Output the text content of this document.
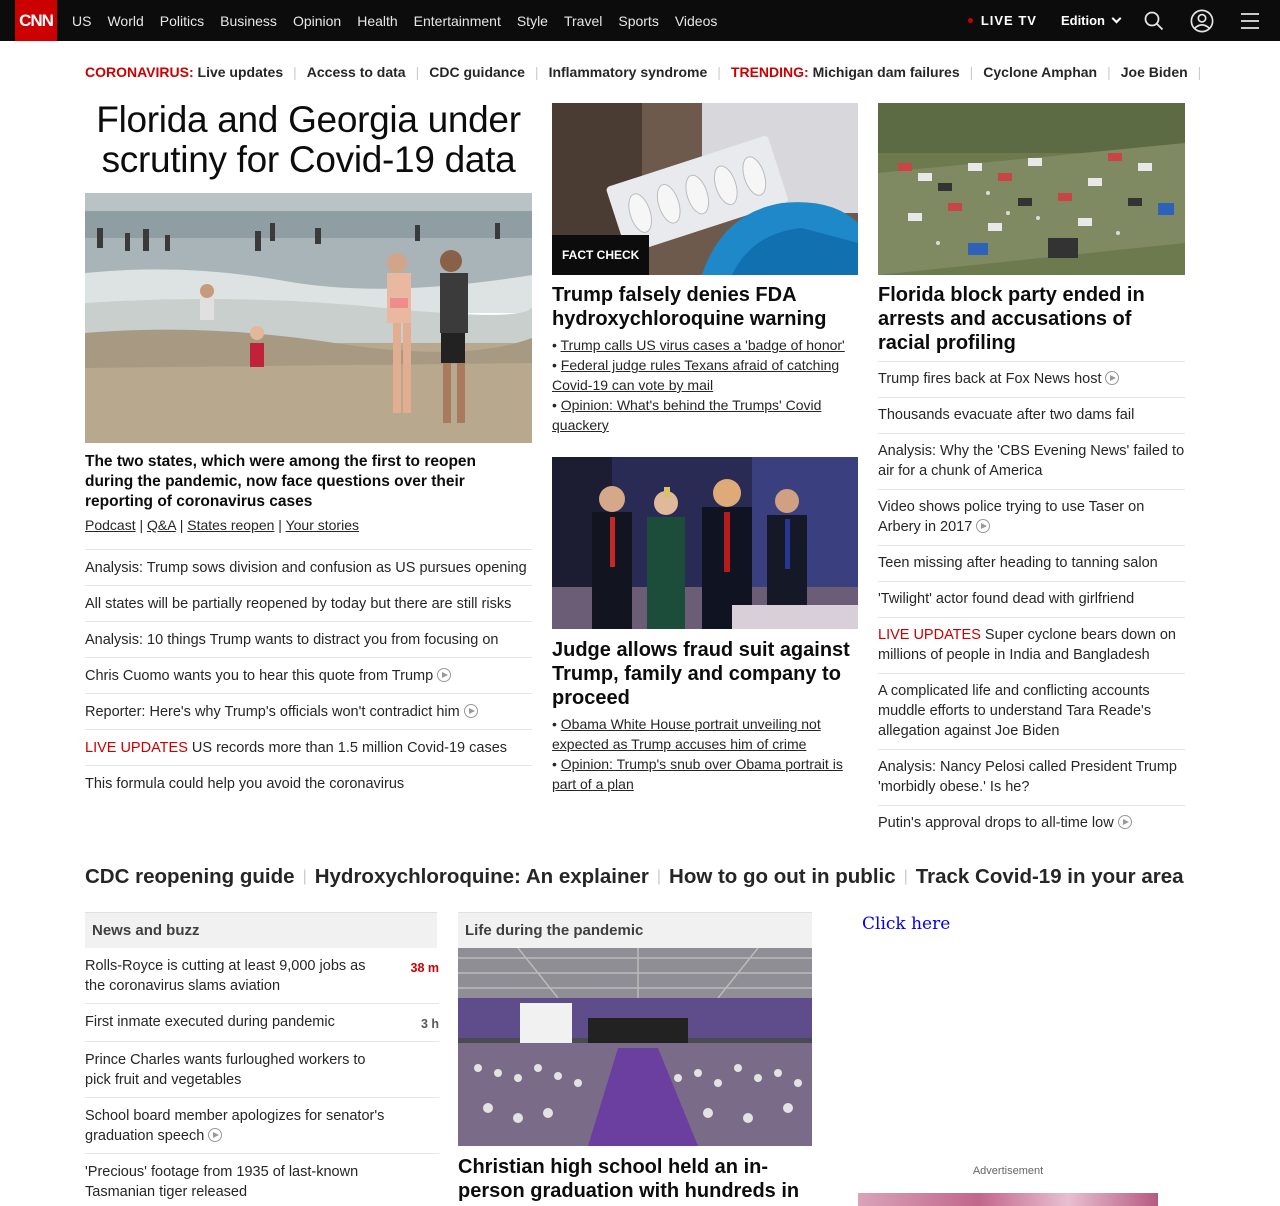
CNN US World Politics Business Opinion Health Entertainment Style Travel Sports Videos	LIVE TV Edition
CORONAVIRUS:
Live updates | Access to data | CDC guidance | Inflammatory syndrome | TRENDING:
Michigan dam failures | Cyclone Amphan | Joe Biden |
Florida and Georgia under scrutiny for Covid-19 data
The two states, which were among the first to reopen during the pandemic, now face questions over their reporting of coronavirus cases
Podcast | Q&A | States reopen | Your stories
Analysis: Trump sows division and confusion as US pursues opening
All states will be partially reopened by today but there are still risks
Analysis: 10 things Trump wants to distract you from focusing on
Chris Cuomo wants you to hear this quote from Trump
Reporter: Here's why Trump's officials won't contradict him
LIVE UPDATES US records more than 1.5 million Covid-19 cases
This formula could help you avoid the coronavirus
FACT CHECK
Trump falsely denies FDA hydroxychloroquine warning
• Trump calls US virus cases a 'badge of honor'
• Federal judge rules Texans afraid of catching Covid-19 can vote by mail
• Opinion: What's behind the Trumps' Covid quackery
Judge allows fraud suit against Trump, family and company to proceed
• Obama White House portrait unveiling not expected as Trump accuses him of crime
• Opinion: Trump's snub over Obama portrait is part of a plan
Florida block party ended in arrests and accusations of racial profiling
Trump fires back at Fox News host
Thousands evacuate after two dams fail
Analysis: Why the 'CBS Evening News' failed to air for a chunk of America
Video shows police trying to use Taser on Arbery in 2017
Teen missing after heading to tanning salon
'Twilight' actor found dead with girlfriend
LIVE UPDATES Super cyclone bears down on millions of people in India and Bangladesh
A complicated life and conflicting accounts muddle efforts to understand Tara Reade's allegation against Joe Biden
Analysis: Nancy Pelosi called President Trump 'morbidly obese.' Is he?
Putin's approval drops to all-time low
CDC reopening guide | Hydroxychloroquine: An explainer | How to go out in public | Track Covid-19 in your area
News and buzz
Rolls-Royce is cutting at least 9,000 jobs as the coronavirus slams aviation
38 m
First inmate executed during pandemic	3 h
Prince Charles wants furloughed workers to pick fruit and vegetables
School board member apologizes for senator's graduation speech
'Precious' footage from 1935 of last-known Tasmanian tiger released
Life during the pandemic
Christian high school held an in-person graduation with hundreds in
Click here
Advertisement
